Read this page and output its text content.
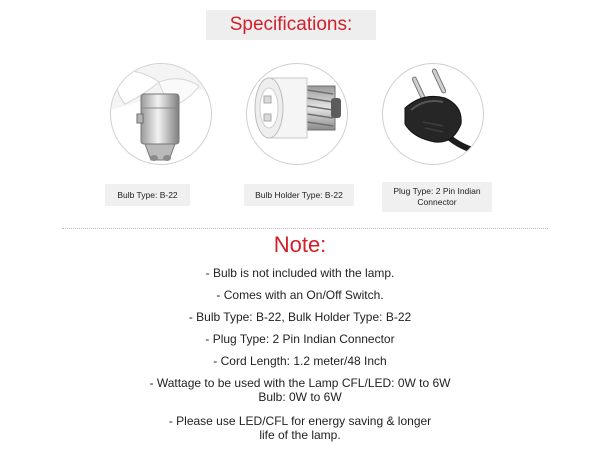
Specifications:
Bulb Type: B-22	Bulb Holder Type: B-22	Plug Type: 2 Pin Indian Connector
Note:
- Bulb is not included with the lamp.
- Comes with an On/Off Switch.
- Bulb Type: B-22, Bulk Holder Type: B-22
- Plug Type: 2 Pin Indian Connector
- Cord Length: 1.2 meter/48 Inch
- Wattage to be used with the Lamp CFL/LED: 0W to 6W
Bulb: 0W to 6W
- Please use LED/CFL for energy saving & longer
life of the lamp.
